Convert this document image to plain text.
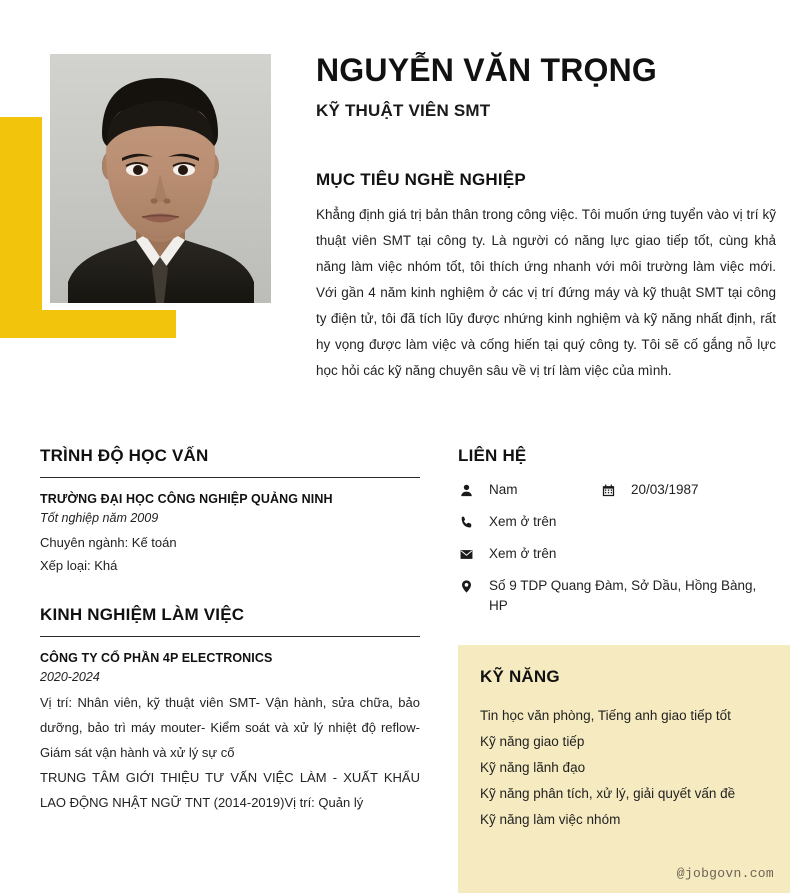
NGUYỄN VĂN TRỌNG
KỸ THUẬT VIÊN SMT
MỤC TIÊU NGHỀ NGHIỆP

Khẳng định giá trị bản thân trong công việc. Tôi muốn ứng tuyển vào vị trí kỹ thuật viên SMT tại công ty. Là người có năng lực giao tiếp tốt, cùng khả năng làm việc nhóm tốt, tôi thích ứng nhanh với môi trường làm việc mới. Với gần 4 năm kinh nghiệm ở các vị trí đứng máy và kỹ thuật SMT tại công ty điện tử, tôi đã tích lũy được nhứng kinh nghiệm và kỹ năng nhất định, rất hy vọng được làm việc và cống hiến tại quý công ty. Tôi sẽ cố gắng nỗ lực học hỏi các kỹ năng chuyên sâu về vị trí làm việc của mình.

TRÌNH ĐỘ HỌC VẤN

TRƯỜNG ĐẠI HỌC CÔNG NGHIỆP QUẢNG NINH

Tốt nghiệp năm 2009

Chuyên ngành: Kế toán

Xếp loại: Khá

KINH NGHIỆM LÀM VIỆC

CÔNG TY CỔ PHẦN 4P ELECTRONICS

2020-2024

Vị trí: Nhân viên, kỹ thuật viên SMT- Vận hành, sửa chữa, bảo dưỡng, bảo trì máy mouter- Kiểm soát và xử lý nhiệt độ reflow- Giám sát vận hành và xử lý sự cố

TRUNG TÂM GIỚI THIỆU TƯ VẤN VIỆC LÀM - XUẤT KHẨU LAO ĐỘNG NHẬT NGỮ TNT (2014-2019)Vị trí: Quản lý

LIÊN HỆ
Nam	20/03/1987
Xem ở trên
Xem ở trên
Số 9 TDP Quang Đàm, Sở Dầu, Hồng Bàng, HP
KỸ NĂNG
Tin học văn phòng, Tiếng anh giao tiếp tốt
Kỹ năng giao tiếp
Kỹ năng lãnh đạo
Kỹ năng phân tích, xử lý, giải quyết vấn đề
Kỹ năng làm việc nhóm
@jobgovn.com
